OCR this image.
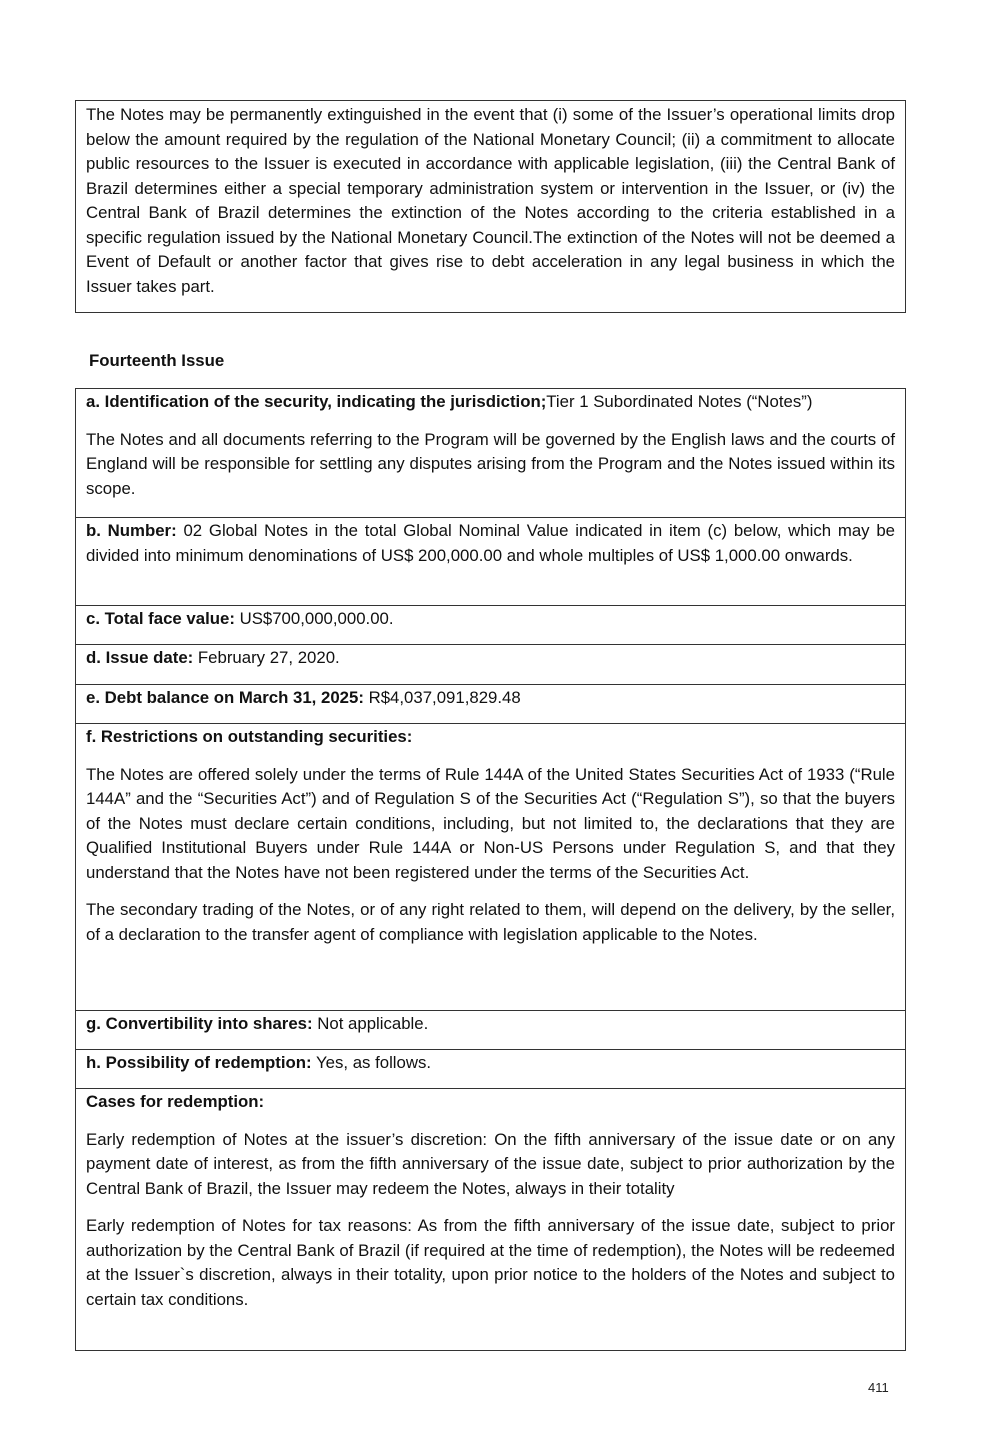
The Notes may be permanently extinguished in the event that (i) some of the Issuer’s operational limits drop below the amount required by the regulation of the National Monetary Council; (ii) a commitment to allocate public resources to the Issuer is executed in accordance with applicable legislation, (iii) the Central Bank of Brazil determines either a special temporary administration system or intervention in the Issuer, or (iv) the Central Bank of Brazil determines the extinction of the Notes according to the criteria established in a specific regulation issued by the National Monetary Council.The extinction of the Notes will not be deemed a Event of Default or another factor that gives rise to debt acceleration in any legal business in which the Issuer takes part.

Fourteenth Issue

a. Identification of the security, indicating the jurisdiction;Tier 1 Subordinated Notes (“Notes”)

The Notes and all documents referring to the Program will be governed by the English laws and the courts of England will be responsible for settling any disputes arising from the Program and the Notes issued within its scope.

b. Number: 02 Global Notes in the total Global Nominal Value indicated in item (c) below, which may be divided into minimum denominations of US$ 200,000.00 and whole multiples of US$ 1,000.00 onwards.

c. Total face value: US$700,000,000.00.

d. Issue date: February 27, 2020.

e. Debt balance on March 31, 2025: R$4,037,091,829.48

f. Restrictions on outstanding securities:

The Notes are offered solely under the terms of Rule 144A of the United States Securities Act of 1933 (“Rule 144A” and the “Securities Act”) and of Regulation S of the Securities Act (“Regulation S”), so that the buyers of the Notes must declare certain conditions, including, but not limited to, the declarations that they are Qualified Institutional Buyers under Rule 144A or Non-US Persons under Regulation S, and that they understand that the Notes have not been registered under the terms of the Securities Act.

The secondary trading of the Notes, or of any right related to them, will depend on the delivery, by the seller, of a declaration to the transfer agent of compliance with legislation applicable to the Notes.

g. Convertibility into shares: Not applicable.

h. Possibility of redemption: Yes, as follows.

Cases for redemption:

Early redemption of Notes at the issuer’s discretion: On the fifth anniversary of the issue date or on any payment date of interest, as from the fifth anniversary of the issue date, subject to prior authorization by the Central Bank of Brazil, the Issuer may redeem the Notes, always in their totality

Early redemption of Notes for tax reasons: As from the fifth anniversary of the issue date, subject to prior authorization by the Central Bank of Brazil (if required at the time of redemption), the Notes will be redeemed at the Issuer`s discretion, always in their totality, upon prior notice to the holders of the Notes and subject to certain tax conditions.

411
